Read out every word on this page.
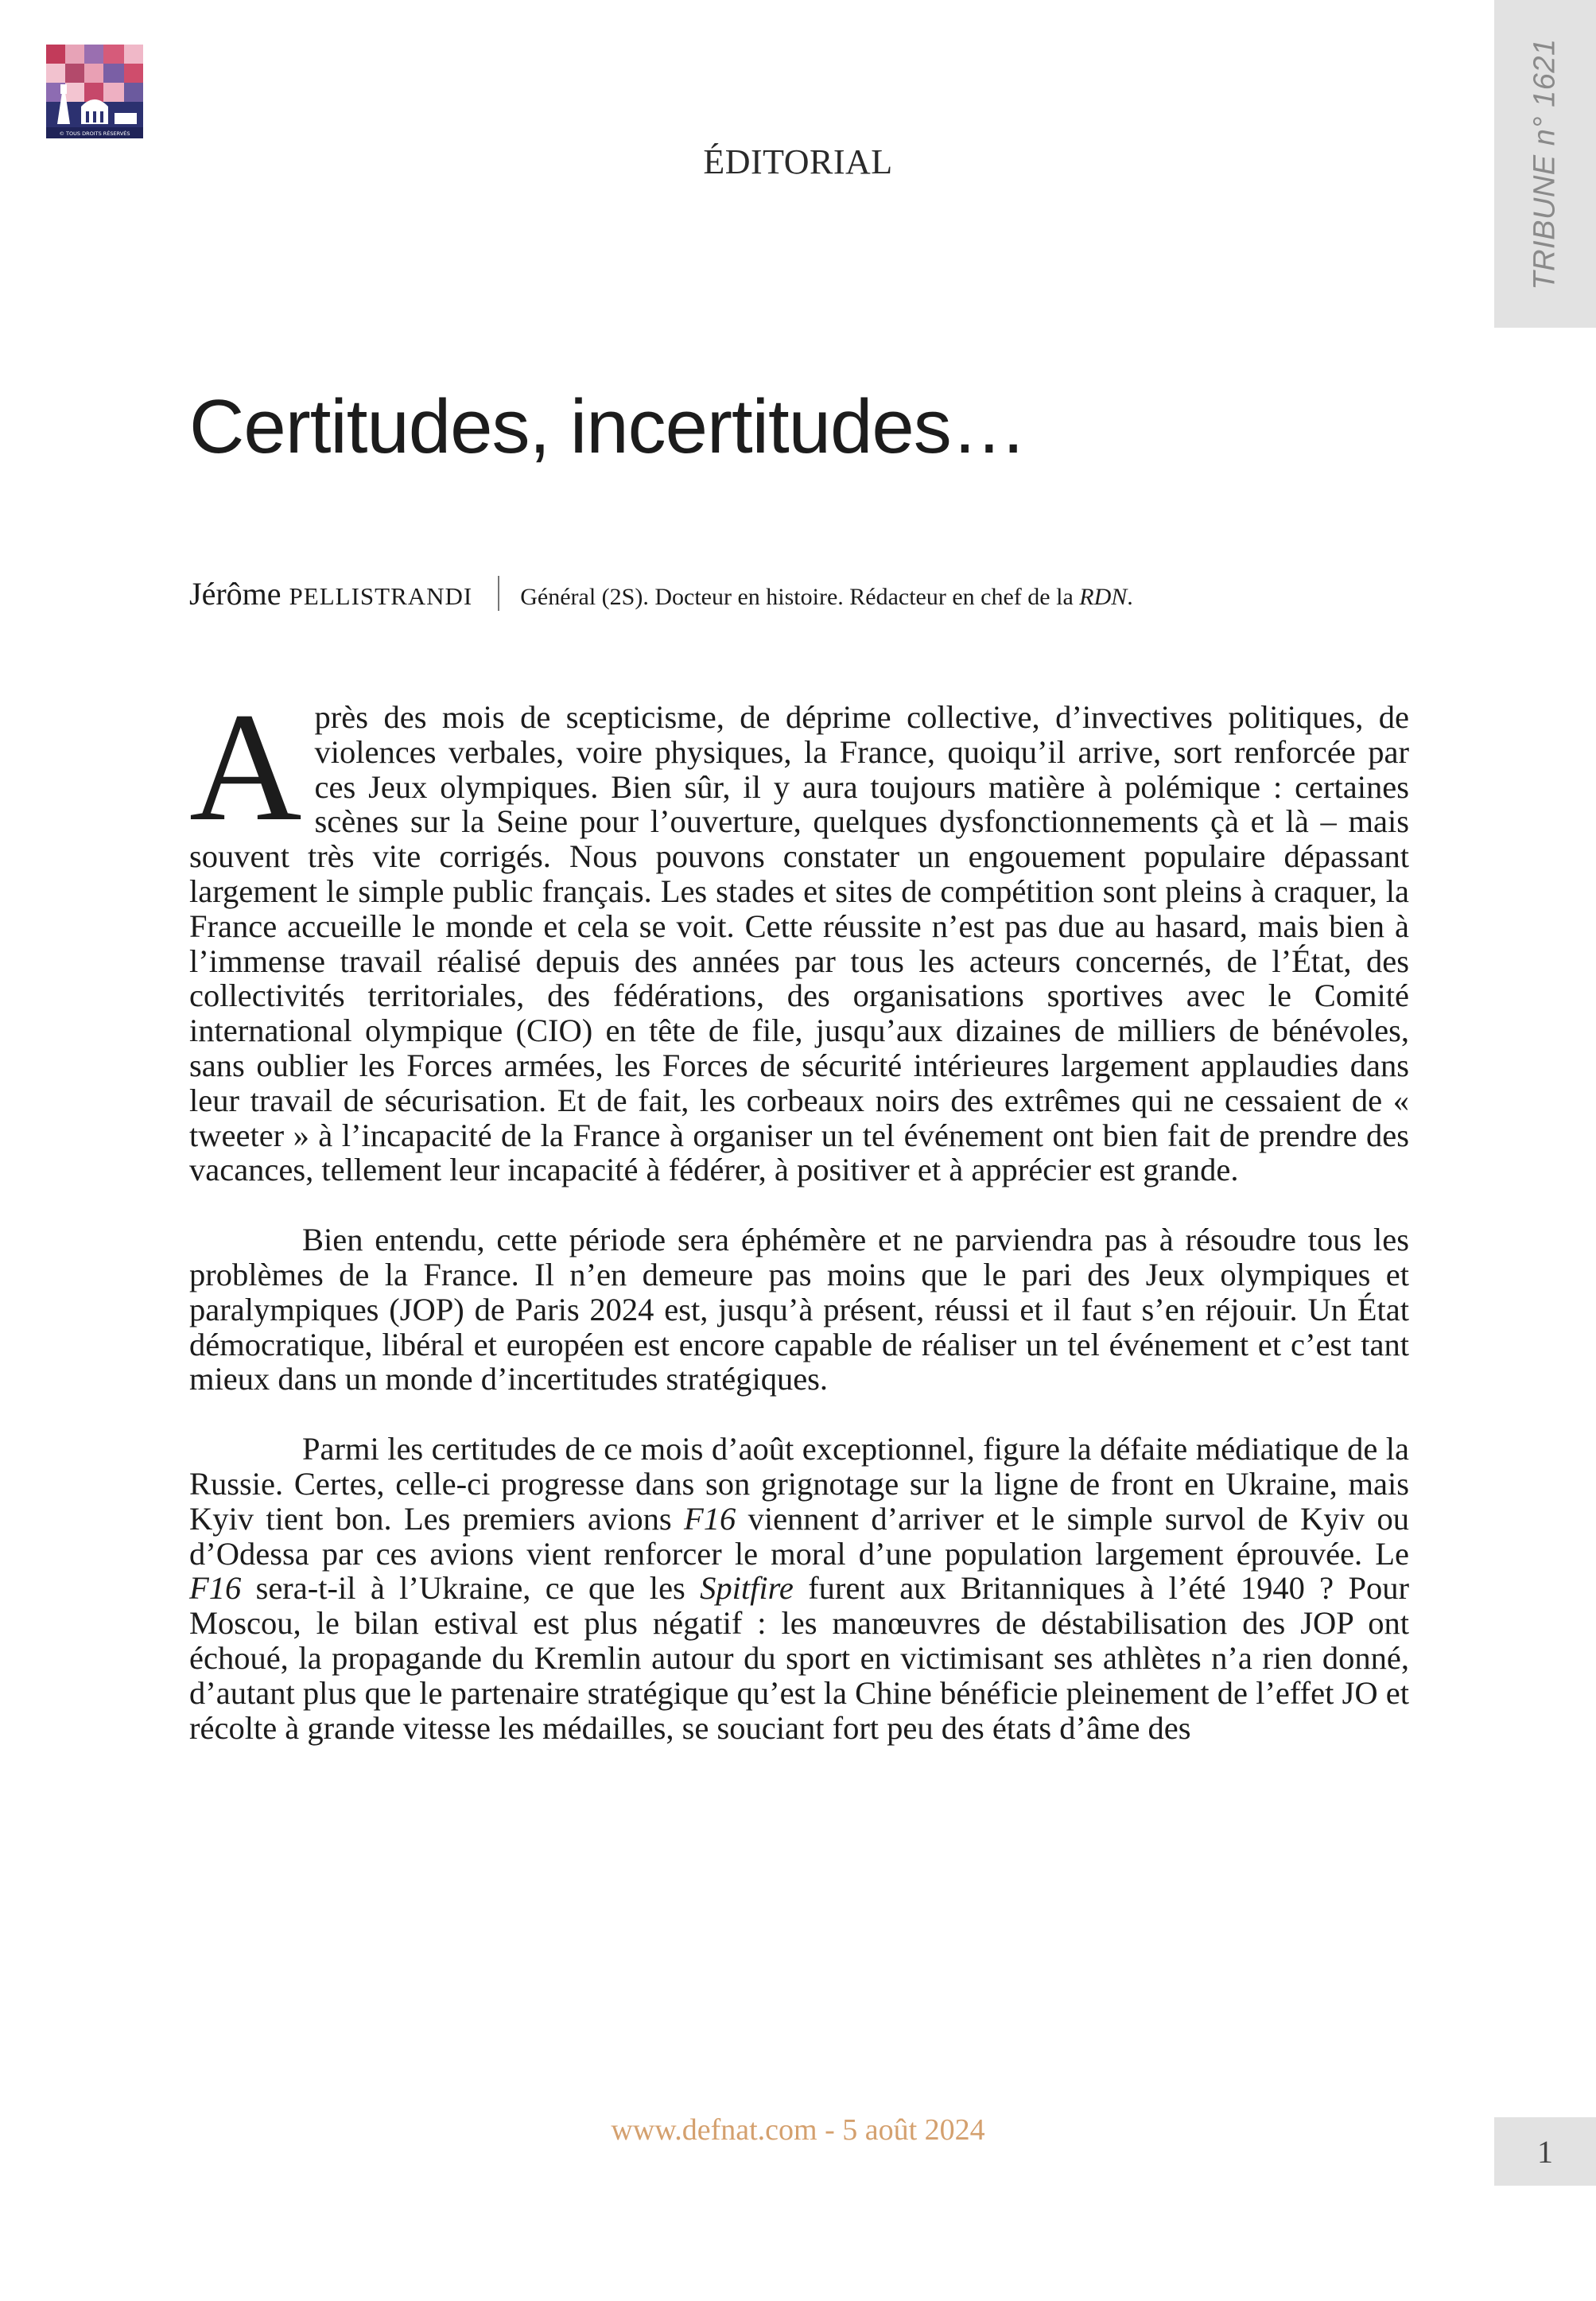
© TOUS DROITS RÉSERVÉS	TRIBUNE n° 1621
ÉDITORIAL
Certitudes, incertitudes…
Jérôme
PELLISTRANDI Général (2S). Docteur en histoire. Rédacteur en chef de la RDN.

Après des mois de scepticisme, de déprime collective, d’invectives politiques, de violences verbales, voire physiques, la France, quoiqu’il arrive, sort renforcée par ces Jeux olympiques. Bien sûr, il y aura toujours matière à polémique : certaines scènes sur la Seine pour l’ouverture, quelques dysfonctionnements çà et là – mais souvent très vite corrigés. Nous pouvons constater un engouement populaire dépassant largement le simple public français. Les stades et sites de compétition sont pleins à craquer, la France accueille le monde et cela se voit. Cette réussite n’est pas due au hasard, mais bien à l’immense travail réalisé depuis des années par tous les acteurs concernés, de l’État, des collectivités territoriales, des fédérations, des organisations sportives avec le Comité international olympique (CIO) en tête de file, jusqu’aux dizaines de milliers de bénévoles, sans oublier les Forces armées, les Forces de sécurité intérieures largement applaudies dans leur travail de sécurisation. Et de fait, les corbeaux noirs des extrêmes qui ne cessaient de « tweeter » à l’incapacité de la France à organiser un tel événement ont bien fait de prendre des vacances, tellement leur incapacité à fédérer, à positiver et à apprécier est grande.

Bien entendu, cette période sera éphémère et ne parviendra pas à résoudre tous les problèmes de la France. Il n’en demeure pas moins que le pari des Jeux olympiques et paralympiques (JOP) de Paris 2024 est, jusqu’à présent, réussi et il faut s’en réjouir. Un État démocratique, libéral et européen est encore capable de réaliser un tel événement et c’est tant mieux dans un monde d’incertitudes stratégiques.

Parmi les certitudes de ce mois d’août exceptionnel, figure la défaite médiatique de la Russie. Certes, celle-ci progresse dans son grignotage sur la ligne de front en Ukraine, mais Kyiv tient bon. Les premiers avions F16 viennent d’arriver et le simple survol de Kyiv ou d’Odessa par ces avions vient renforcer le moral d’une population largement éprouvée. Le F16 sera-t-il à l’Ukraine, ce que les Spitfire furent aux Britanniques à l’été 1940 ? Pour Moscou, le bilan estival est plus négatif : les manœuvres de déstabilisation des JOP ont échoué, la propagande du Kremlin autour du sport en victimisant ses athlètes n’a rien donné, d’autant plus que le partenaire stratégique qu’est la Chine bénéficie pleinement de l’effet JO et récolte à grande vitesse les médailles, se souciant fort peu des états d’âme des

www.defnat.com - 5 août 2024
1
